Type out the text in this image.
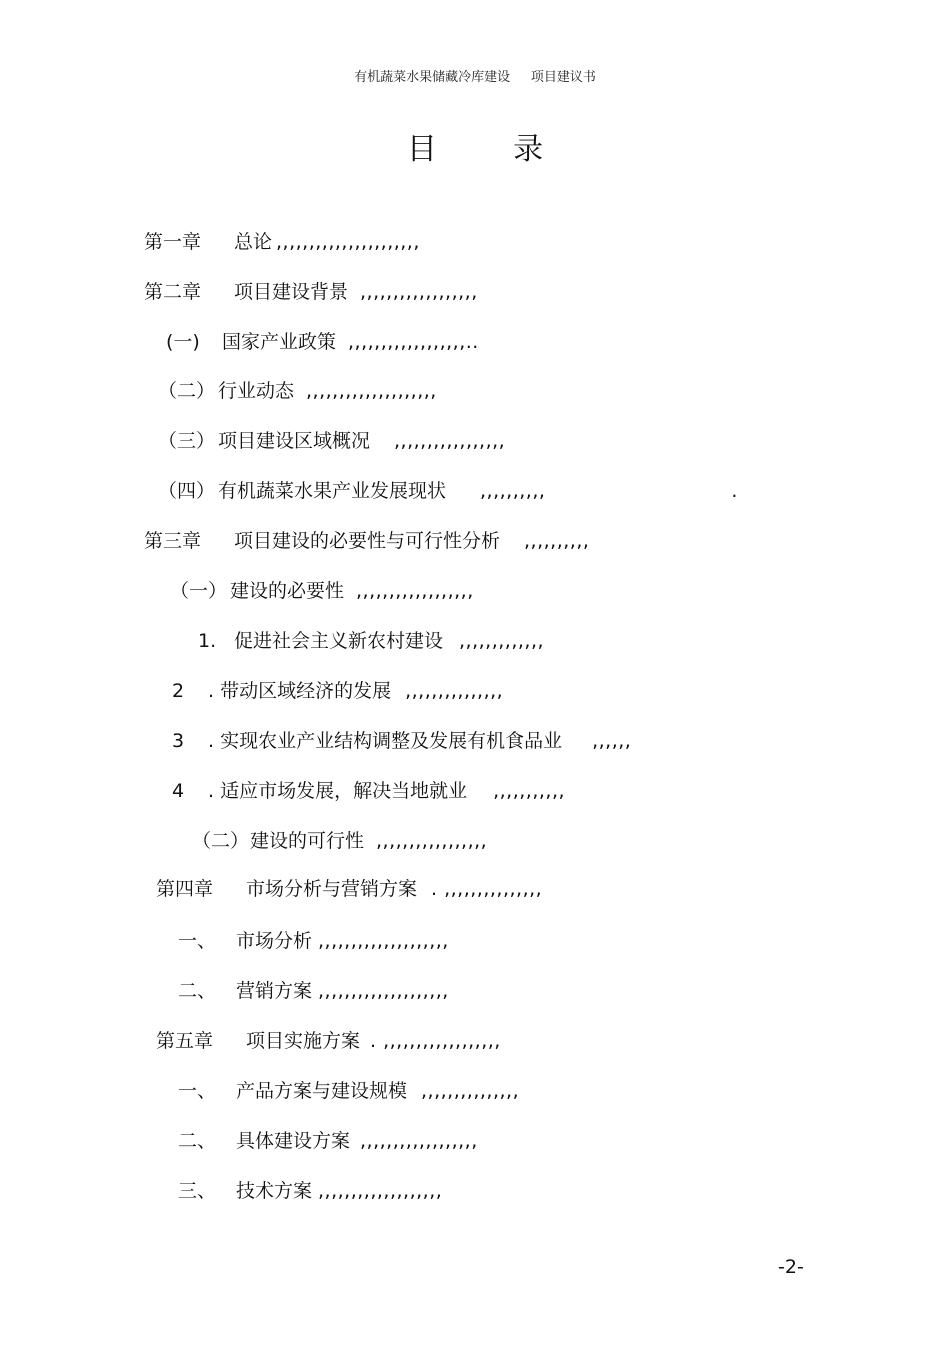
有机蔬菜水果储藏冷库建设     项目建议书
目        录
第一章 总论 ,,,,,,,,,,,,,,,,,,,,,,
第二章 项目建设背景 ,,,,,,,,,,,,,,,,,,
(一) 国家产业政策 ,,,,,,,,,,,,,,,,,,..
（二） 行业动态 ,,,,,,,,,,,,,,,,,,,,
（三） 项目建设区域概况 ,,,,,,,,,,,,,,,,,
（四） 有机蔬菜水果产业发展现状 ,,,,,,,,,,	.
第三章 项目建设的必要性与可行性分析 ,,,,,,,,,,
（一） 建设的必要性 ,,,,,,,,,,,,,,,,,,
1. 促进社会主义新农村建设 ,,,,,,,,,,,,,
2 . 带动区域经济的发展 ,,,,,,,,,,,,,,,
3 . 实现农业产业结构调整及发展有机食品业 ,,,,,,
4 . 适应市场发展，解决当地就业 ,,,,,,,,,,,
（二）建设的可行性 ,,,,,,,,,,,,,,,,,
第四章 市场分析与营销方案 . ,,,,,,,,,,,,,,,
一、 市场分析 ,,,,,,,,,,,,,,,,,,,,
二、 营销方案 ,,,,,,,,,,,,,,,,,,,,
第五章 项目实施方案 . ,,,,,,,,,,,,,,,,,,
一、 产品方案与建设规模 ,,,,,,,,,,,,,,,
二、 具体建设方案 ,,,,,,,,,,,,,,,,,,
三、 技术方案 ,,,,,,,,,,,,,,,,,,,
-2-
